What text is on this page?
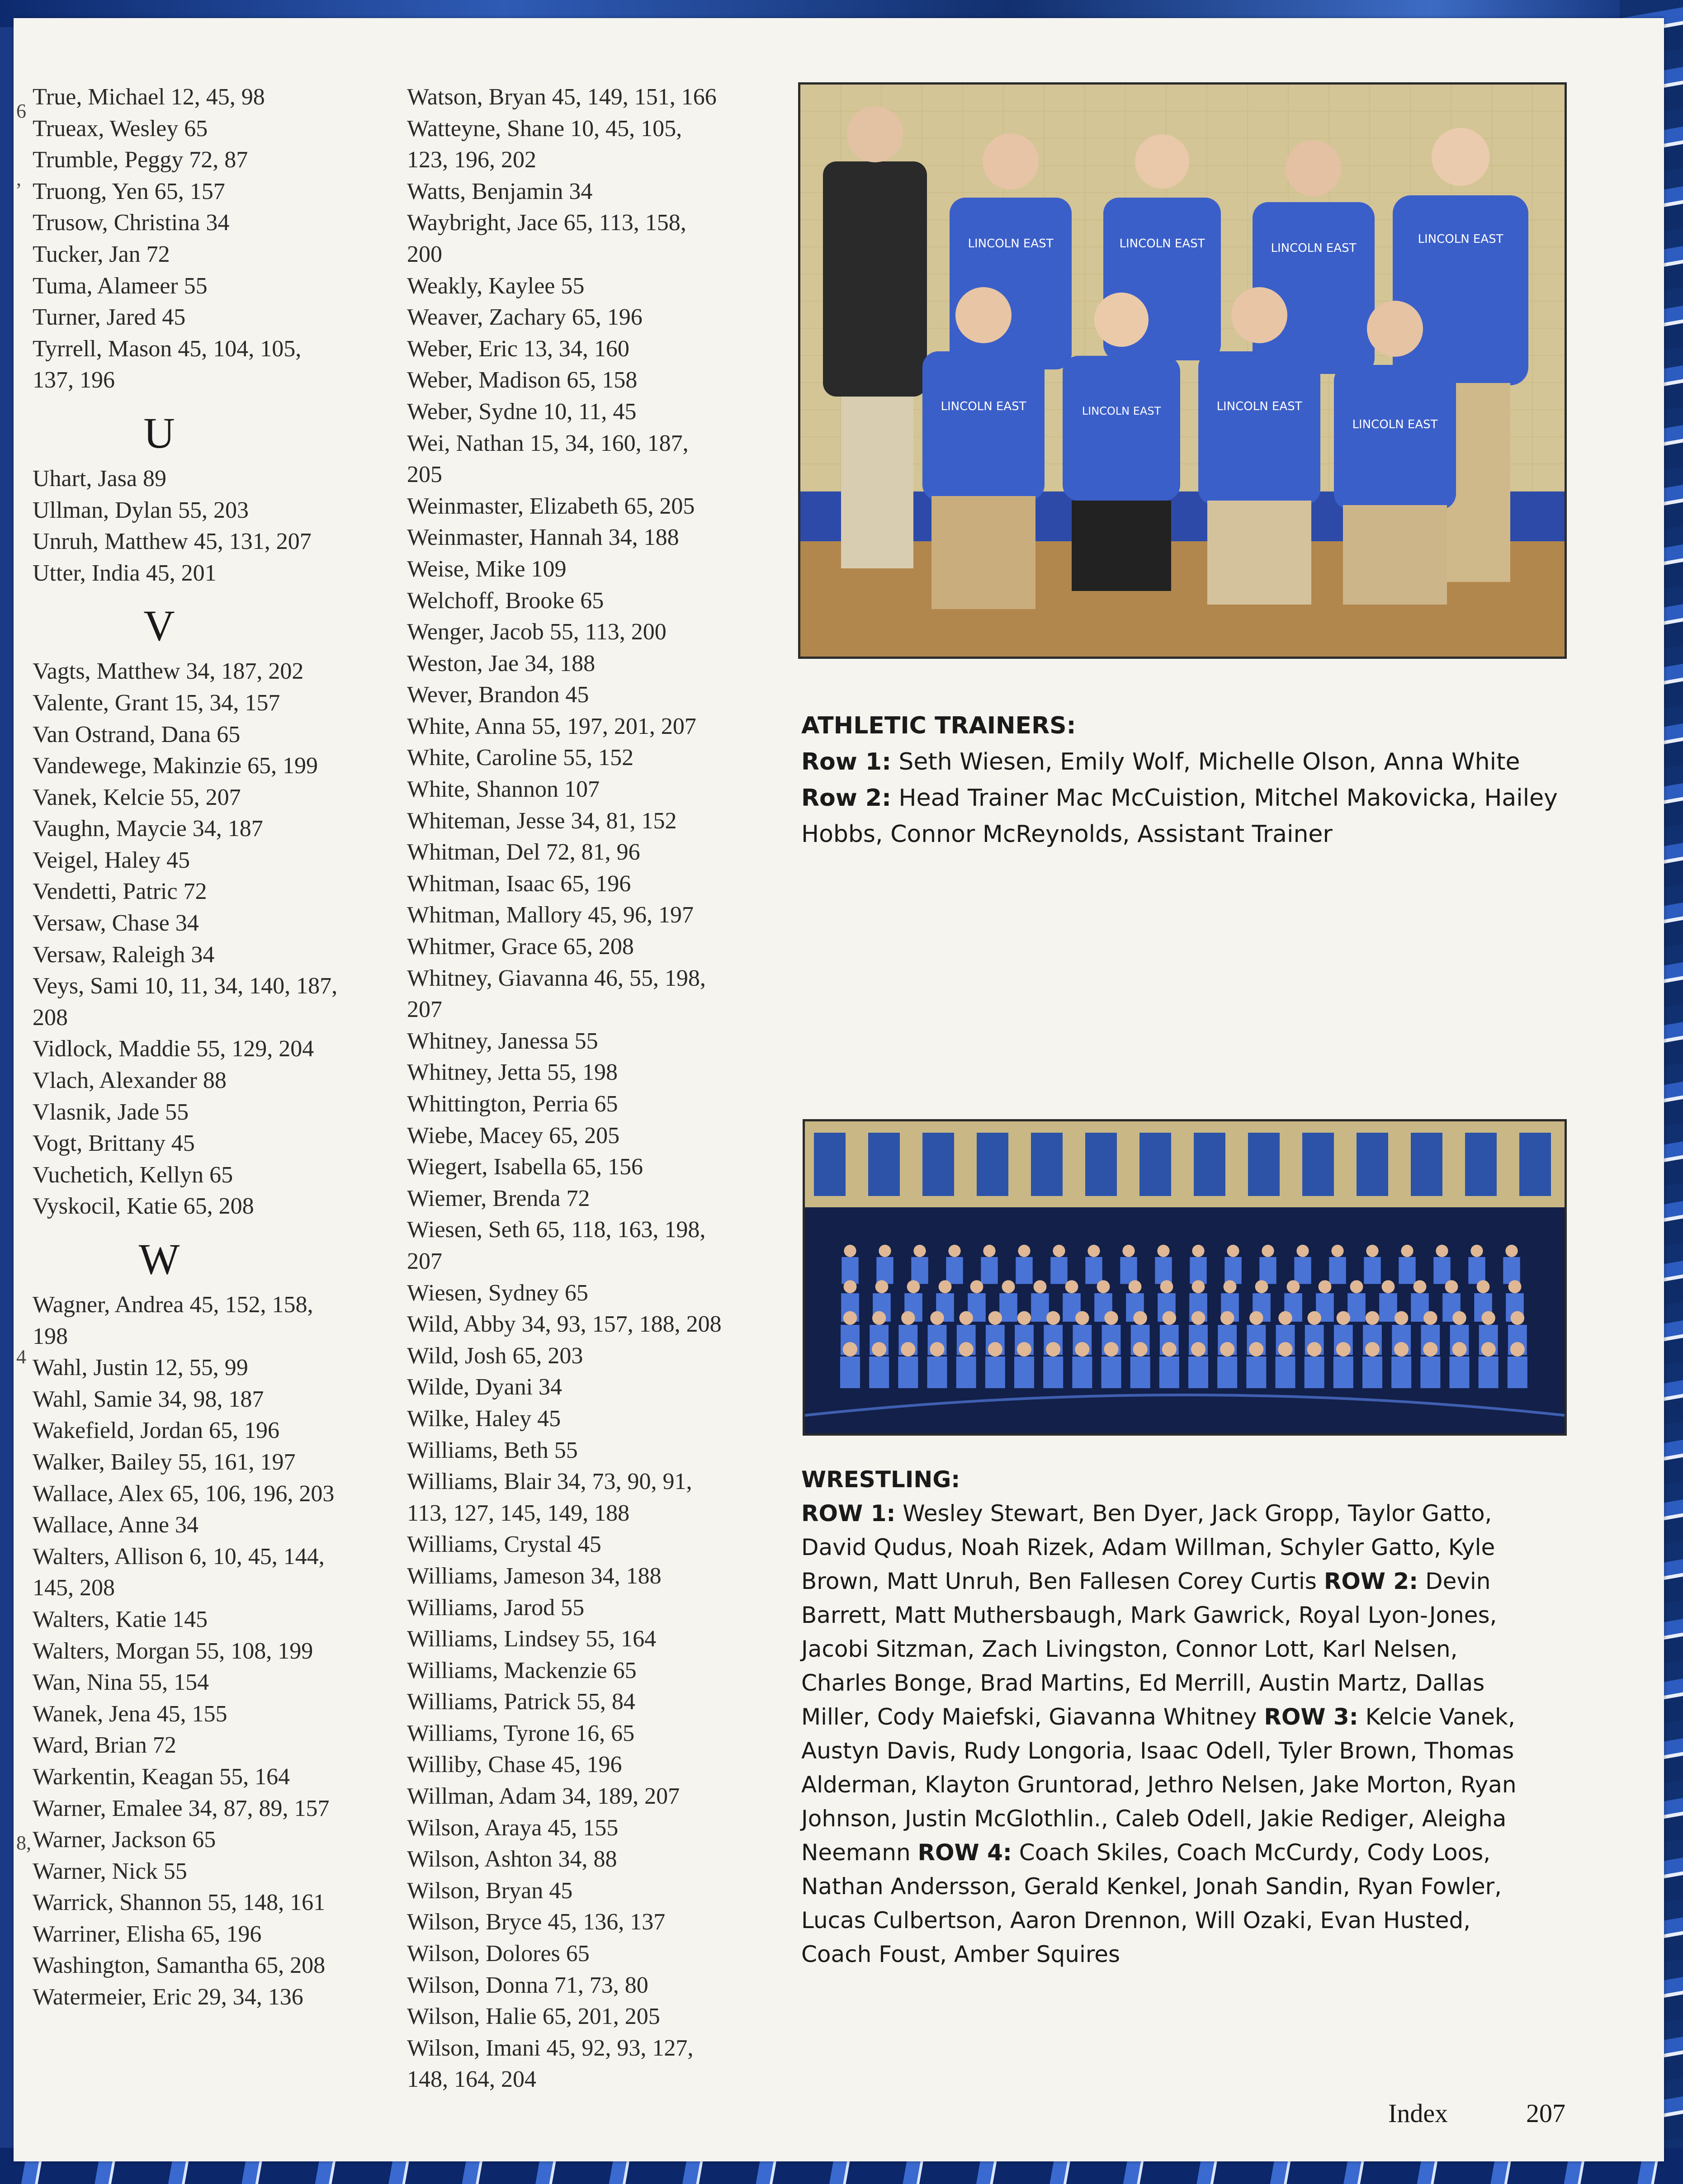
6
,
4
8,
True, Michael 12, 45, 98
Trueax, Wesley 65
Trumble, Peggy 72, 87
Truong, Yen 65, 157
Trusow, Christina 34
Tucker, Jan 72
Tuma, Alameer 55
Turner, Jared 45
Tyrrell, Mason 45, 104, 105,
137, 196
U
Uhart, Jasa 89
Ullman, Dylan 55, 203
Unruh, Matthew 45, 131, 207
Utter, India 45, 201
V
Vagts, Matthew 34, 187, 202
Valente, Grant 15, 34, 157
Van Ostrand, Dana 65
Vandewege, Makinzie 65, 199
Vanek, Kelcie 55, 207
Vaughn, Maycie 34, 187
Veigel, Haley 45
Vendetti, Patric 72
Versaw, Chase 34
Versaw, Raleigh 34
Veys, Sami 10, 11, 34, 140, 187,
208
Vidlock, Maddie 55, 129, 204
Vlach, Alexander 88
Vlasnik, Jade 55
Vogt, Brittany 45
Vuchetich, Kellyn 65
Vyskocil, Katie 65, 208
W
Wagner, Andrea 45, 152, 158,
198
Wahl, Justin 12, 55, 99
Wahl, Samie 34, 98, 187
Wakefield, Jordan 65, 196
Walker, Bailey 55, 161, 197
Wallace, Alex 65, 106, 196, 203
Wallace, Anne 34
Walters, Allison 6, 10, 45, 144,
145, 208
Walters, Katie 145
Walters, Morgan 55, 108, 199
Wan, Nina 55, 154
Wanek, Jena 45, 155
Ward, Brian 72
Warkentin, Keagan 55, 164
Warner, Emalee 34, 87, 89, 157
Warner, Jackson 65
Warner, Nick 55
Warrick, Shannon 55, 148, 161
Warriner, Elisha 65, 196
Washington, Samantha 65, 208
Watermeier, Eric 29, 34, 136
Watson, Bryan 45, 149, 151, 166
Watteyne, Shane 10, 45, 105,
123, 196, 202
Watts, Benjamin 34
Waybright, Jace 65, 113, 158,
200
Weakly, Kaylee 55
Weaver, Zachary 65, 196
Weber, Eric 13, 34, 160
Weber, Madison 65, 158
Weber, Sydne 10, 11, 45
Wei, Nathan 15, 34, 160, 187,
205
Weinmaster, Elizabeth 65, 205
Weinmaster, Hannah 34, 188
Weise, Mike 109
Welchoff, Brooke 65
Wenger, Jacob 55, 113, 200
Weston, Jae 34, 188
Wever, Brandon 45
White, Anna 55, 197, 201, 207
White, Caroline 55, 152
White, Shannon 107
Whiteman, Jesse 34, 81, 152
Whitman, Del 72, 81, 96
Whitman, Isaac 65, 196
Whitman, Mallory 45, 96, 197
Whitmer, Grace 65, 208
Whitney, Giavanna 46, 55, 198,
207
Whitney, Janessa 55
Whitney, Jetta 55, 198
Whittington, Perria 65
Wiebe, Macey 65, 205
Wiegert, Isabella 65, 156
Wiemer, Brenda 72
Wiesen, Seth 65, 118, 163, 198,
207
Wiesen, Sydney 65
Wild, Abby 34, 93, 157, 188, 208
Wild, Josh 65, 203
Wilde, Dyani 34
Wilke, Haley 45
Williams, Beth 55
Williams, Blair 34, 73, 90, 91,
113, 127, 145, 149, 188
Williams, Crystal 45
Williams, Jameson 34, 188
Williams, Jarod 55
Williams, Lindsey 55, 164
Williams, Mackenzie 65
Williams, Patrick 55, 84
Williams, Tyrone 16, 65
Williby, Chase 45, 196
Willman, Adam 34, 189, 207
Wilson, Araya 45, 155
Wilson, Ashton 34, 88
Wilson, Bryan 45
Wilson, Bryce 45, 136, 137
Wilson, Dolores 65
Wilson, Donna 71, 73, 80
Wilson, Halie 65, 201, 205
Wilson, Imani 45, 92, 93, 127,
148, 164, 204
LINCOLN EAST	LINCOLN EAST	LINCOLN EAST
LINCOLN EAST
LINCOLN EAST	LINCOLN EAST	LINCOLN EAST
LINCOLN EAST
ATHLETIC TRAINERS:
Row 1: Seth Wiesen, Emily Wolf, Michelle Olson, Anna White
Row 2: Head Trainer Mac McCuistion, Mitchel Makovicka, Hailey Hobbs, Connor McReynolds, Assistant Trainer
WRESTLING:
ROW 1: Wesley Stewart, Ben Dyer, Jack Gropp, Taylor Gatto, David Qudus, Noah Rizek, Adam Willman, Schyler Gatto, Kyle Brown, Matt Unruh, Ben Fallesen Corey Curtis ROW 2: Devin Barrett, Matt Muthersbaugh, Mark Gawrick, Royal Lyon-Jones, Jacobi Sitzman, Zach Livingston, Connor Lott, Karl Nelsen, Charles Bonge, Brad Martins, Ed Merrill, Austin Martz, Dallas Miller, Cody Maiefski, Giavanna Whitney ROW 3: Kelcie Vanek, Austyn Davis, Rudy Longoria, Isaac Odell, Tyler Brown, Thomas Alderman, Klayton Gruntorad, Jethro Nelsen, Jake Morton, Ryan Johnson, Justin McGlothlin., Caleb Odell, Jakie Rediger, Aleigha Neemann ROW 4: Coach Skiles, Coach McCurdy, Cody Loos, Nathan Andersson, Gerald Kenkel, Jonah Sandin, Ryan Fowler, Lucas Culbertson, Aaron Drennon, Will Ozaki, Evan Husted, Coach Foust, Amber Squires
Index	207
